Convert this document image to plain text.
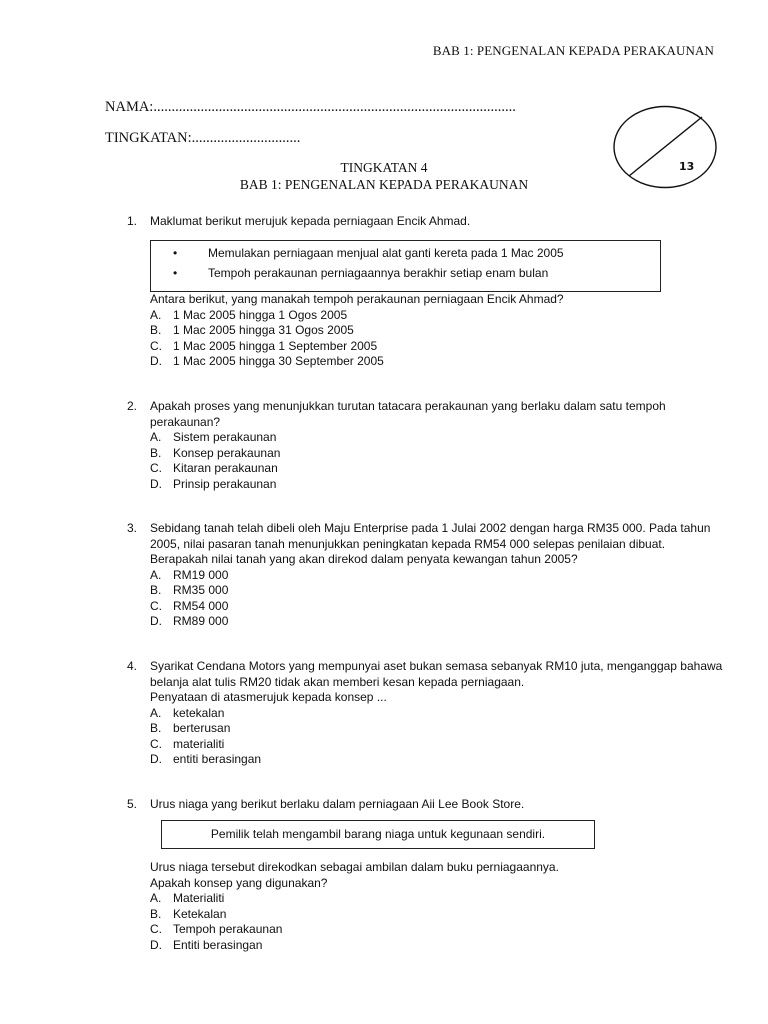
BAB 1: PENGENALAN KEPADA PERAKAUNAN
NAMA:....................................................................................................
TINGKATAN:..............................
13
TINGKATAN 4
BAB 1: PENGENALAN KEPADA PERAKAUNAN
1. Maklumat berikut merujuk kepada perniagaan Encik Ahmad.
•	Memulakan perniagaan menjual alat ganti kereta pada 1 Mac 2005
•	Tempoh perakaunan perniagaannya berakhir setiap enam bulan
Antara berikut, yang manakah tempoh perakaunan perniagaan Encik Ahmad?
A. 1 Mac 2005 hingga 1 Ogos 2005
B. 1 Mac 2005 hingga 31 Ogos 2005
C. 1 Mac 2005 hingga 1 September 2005
D. 1 Mac 2005 hingga 30 September 2005
2. Apakah proses yang menunjukkan turutan tatacara perakaunan yang berlaku dalam satu tempoh
perakaunan?
A. Sistem perakaunan
B. Konsep perakaunan
C. Kitaran perakaunan
D. Prinsip perakaunan
3. Sebidang tanah telah dibeli oleh Maju Enterprise pada 1 Julai 2002 dengan harga RM35 000. Pada tahun
2005, nilai pasaran tanah menunjukkan peningkatan kepada RM54 000 selepas penilaian dibuat.
Berapakah nilai tanah yang akan direkod dalam penyata kewangan tahun 2005?
A. RM19 000
B. RM35 000
C. RM54 000
D. RM89 000
4. Syarikat Cendana Motors yang mempunyai aset bukan semasa sebanyak RM10 juta, menganggap bahawa
belanja alat tulis RM20 tidak akan memberi kesan kepada perniagaan.
Penyataan di atasmerujuk kepada konsep ...
A. ketekalan
B. berterusan
C. materialiti
D. entiti berasingan
5. Urus niaga yang berikut berlaku dalam perniagaan Aii Lee Book Store.
Pemilik telah mengambil barang niaga untuk kegunaan sendiri.
Urus niaga tersebut direkodkan sebagai ambilan dalam buku perniagaannya.
Apakah konsep yang digunakan?
A. Materialiti
B. Ketekalan
C. Tempoh perakaunan
D. Entiti berasingan
